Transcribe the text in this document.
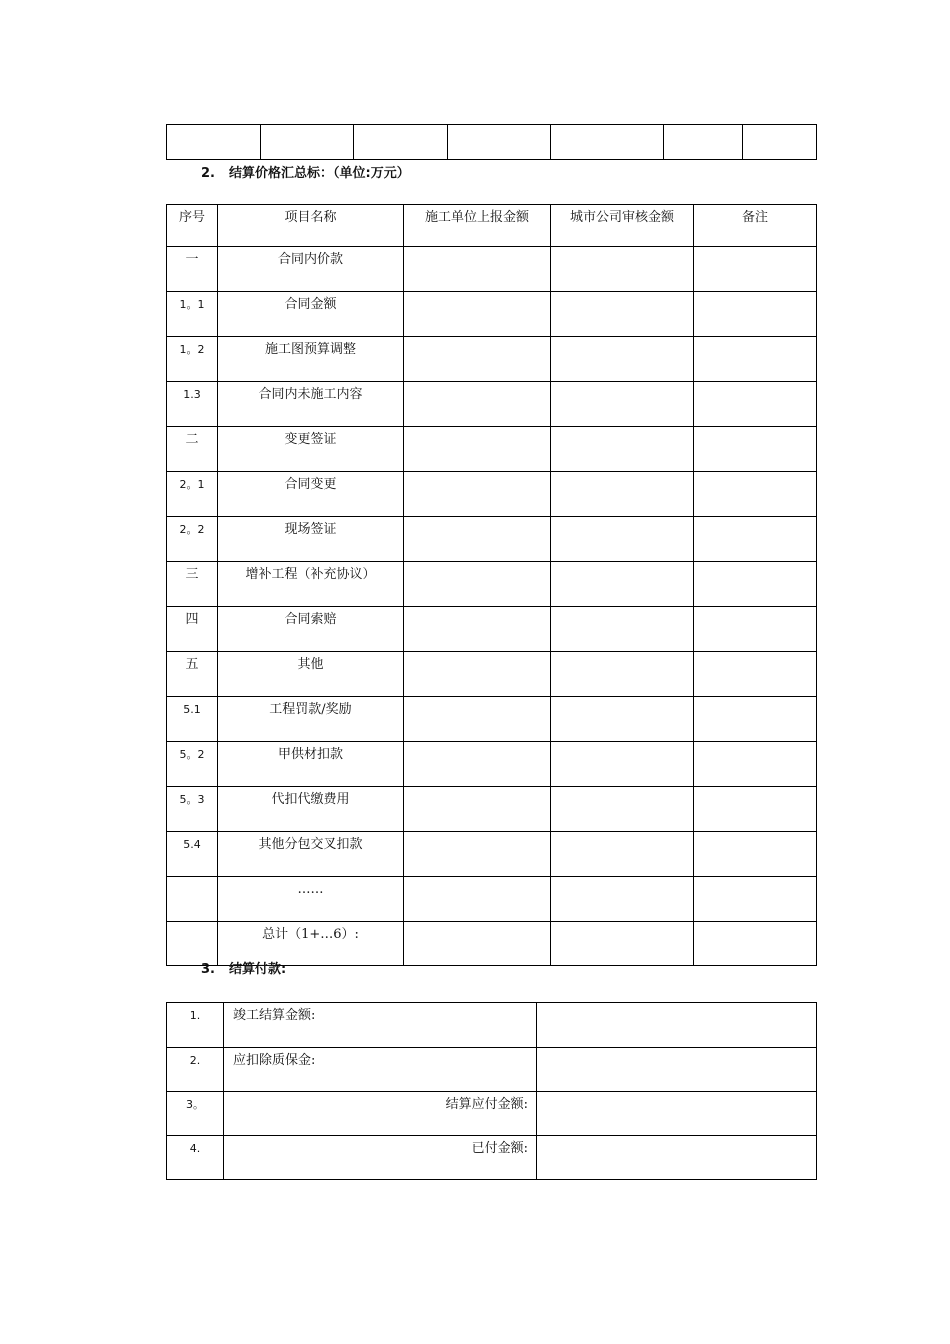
2. 结算价格汇总标：（单位:万元）

序号	项目名称	施工单位上报金额	城市公司审核金额	备注

一	合同内价款			

1。1	合同金额			

1。2	施工图预算调整			

1.3	合同内未施工内容			

二	变更签证			

2。1	合同变更			

2。2	现场签证			

三	增补工程（补充协议）			

四	合同索赔			

五	其他			

5.1	工程罚款/奖励			

5。2	甲供材扣款			

5。3	代扣代缴费用			

5.4	其他分包交叉扣款			

	……			

	总计（1+…6）:			

3. 结算付款:

1.	竣工结算金额:	

2.	应扣除质保金:	

3。	结算应付金额:	

4.	已付金额:	
